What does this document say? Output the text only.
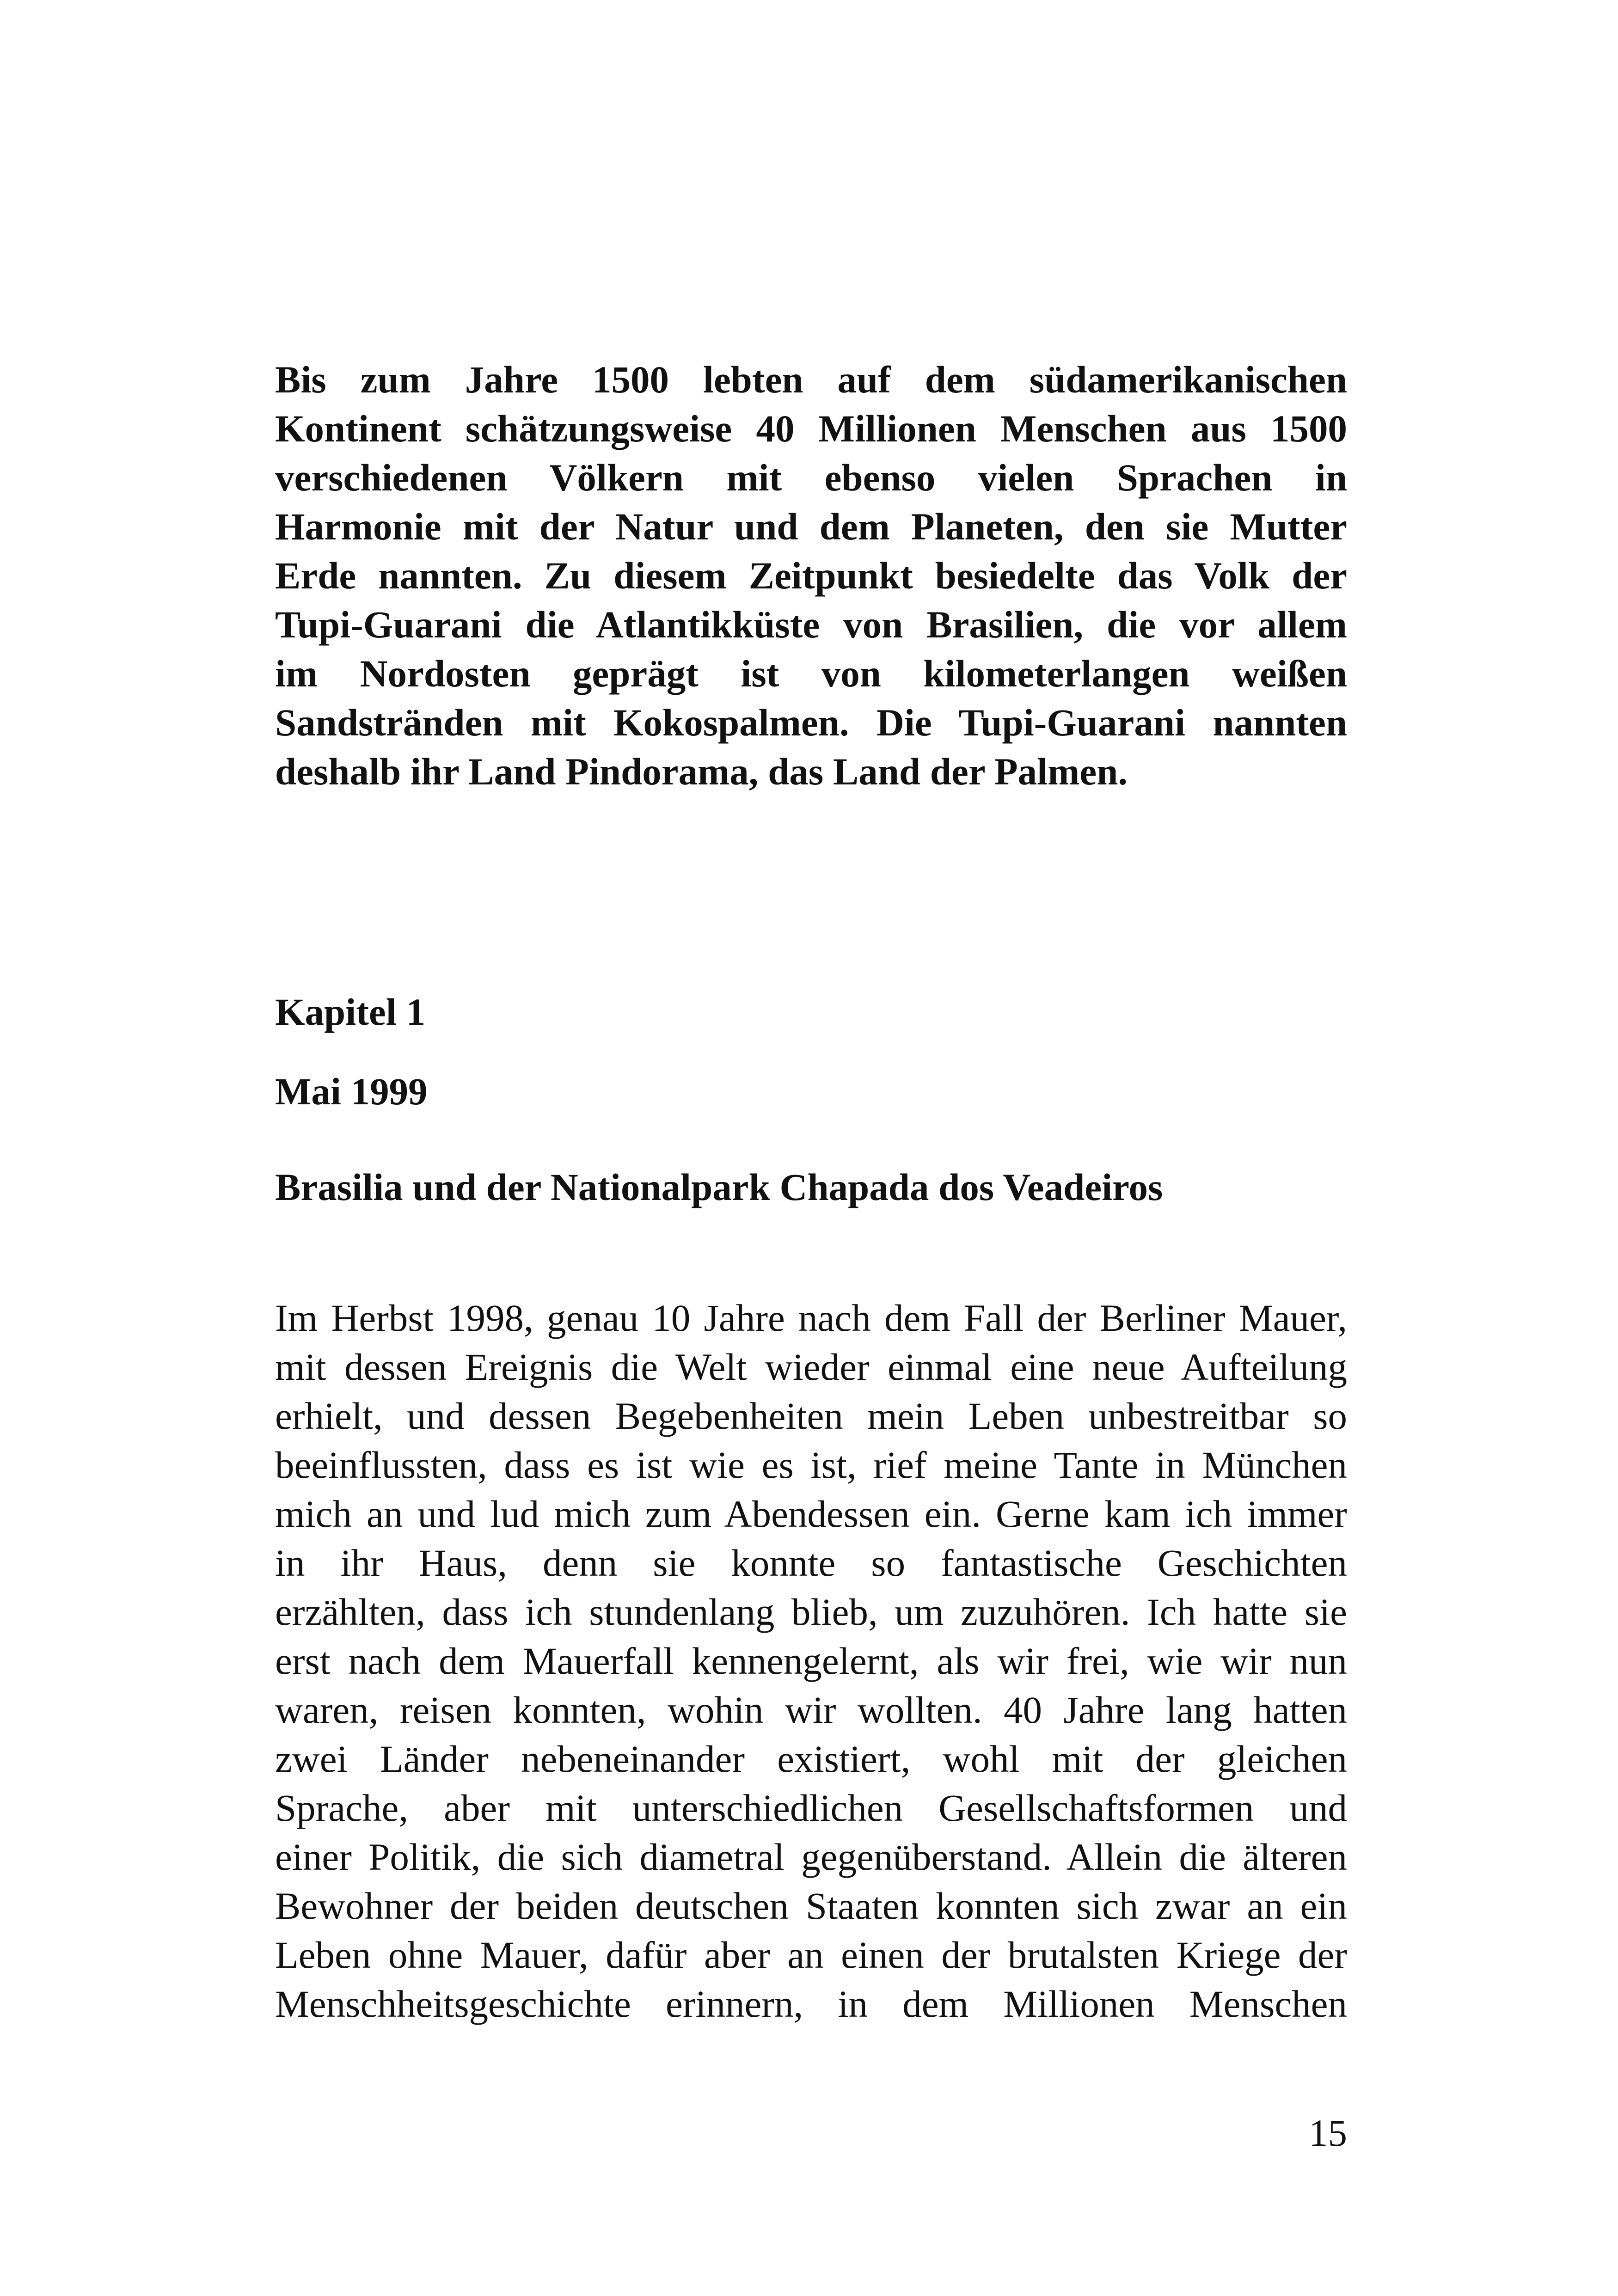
Bis zum Jahre 1500 lebten auf dem südamerikanischen
Kontinent schätzungsweise 40 Millionen Menschen aus 1500
verschiedenen Völkern mit ebenso vielen Sprachen in
Harmonie mit der Natur und dem Planeten, den sie Mutter
Erde nannten. Zu diesem Zeitpunkt besiedelte das Volk der
Tupi-Guarani die Atlantikküste von Brasilien, die vor allem
im Nordosten geprägt ist von kilometerlangen weißen
Sandstränden mit Kokospalmen. Die Tupi-Guarani nannten
deshalb ihr Land Pindorama, das Land der Palmen.
Kapitel 1
Mai 1999
Brasilia und der Nationalpark Chapada dos Veadeiros
Im Herbst 1998, genau 10 Jahre nach dem Fall der Berliner Mauer,
mit dessen Ereignis die Welt wieder einmal eine neue Aufteilung
erhielt, und dessen Begebenheiten mein Leben unbestreitbar so
beeinflussten, dass es ist wie es ist, rief meine Tante in München
mich an und lud mich zum Abendessen ein. Gerne kam ich immer
in ihr Haus, denn sie konnte so fantastische Geschichten
erzählten, dass ich stundenlang blieb, um zuzuhören. Ich hatte sie
erst nach dem Mauerfall kennengelernt, als wir frei, wie wir nun
waren, reisen konnten, wohin wir wollten. 40 Jahre lang hatten
zwei Länder nebeneinander existiert, wohl mit der gleichen
Sprache, aber mit unterschiedlichen Gesellschaftsformen und
einer Politik, die sich diametral gegenüberstand. Allein die älteren
Bewohner der beiden deutschen Staaten konnten sich zwar an ein
Leben ohne Mauer, dafür aber an einen der brutalsten Kriege der
Menschheitsgeschichte erinnern, in dem Millionen Menschen
15
